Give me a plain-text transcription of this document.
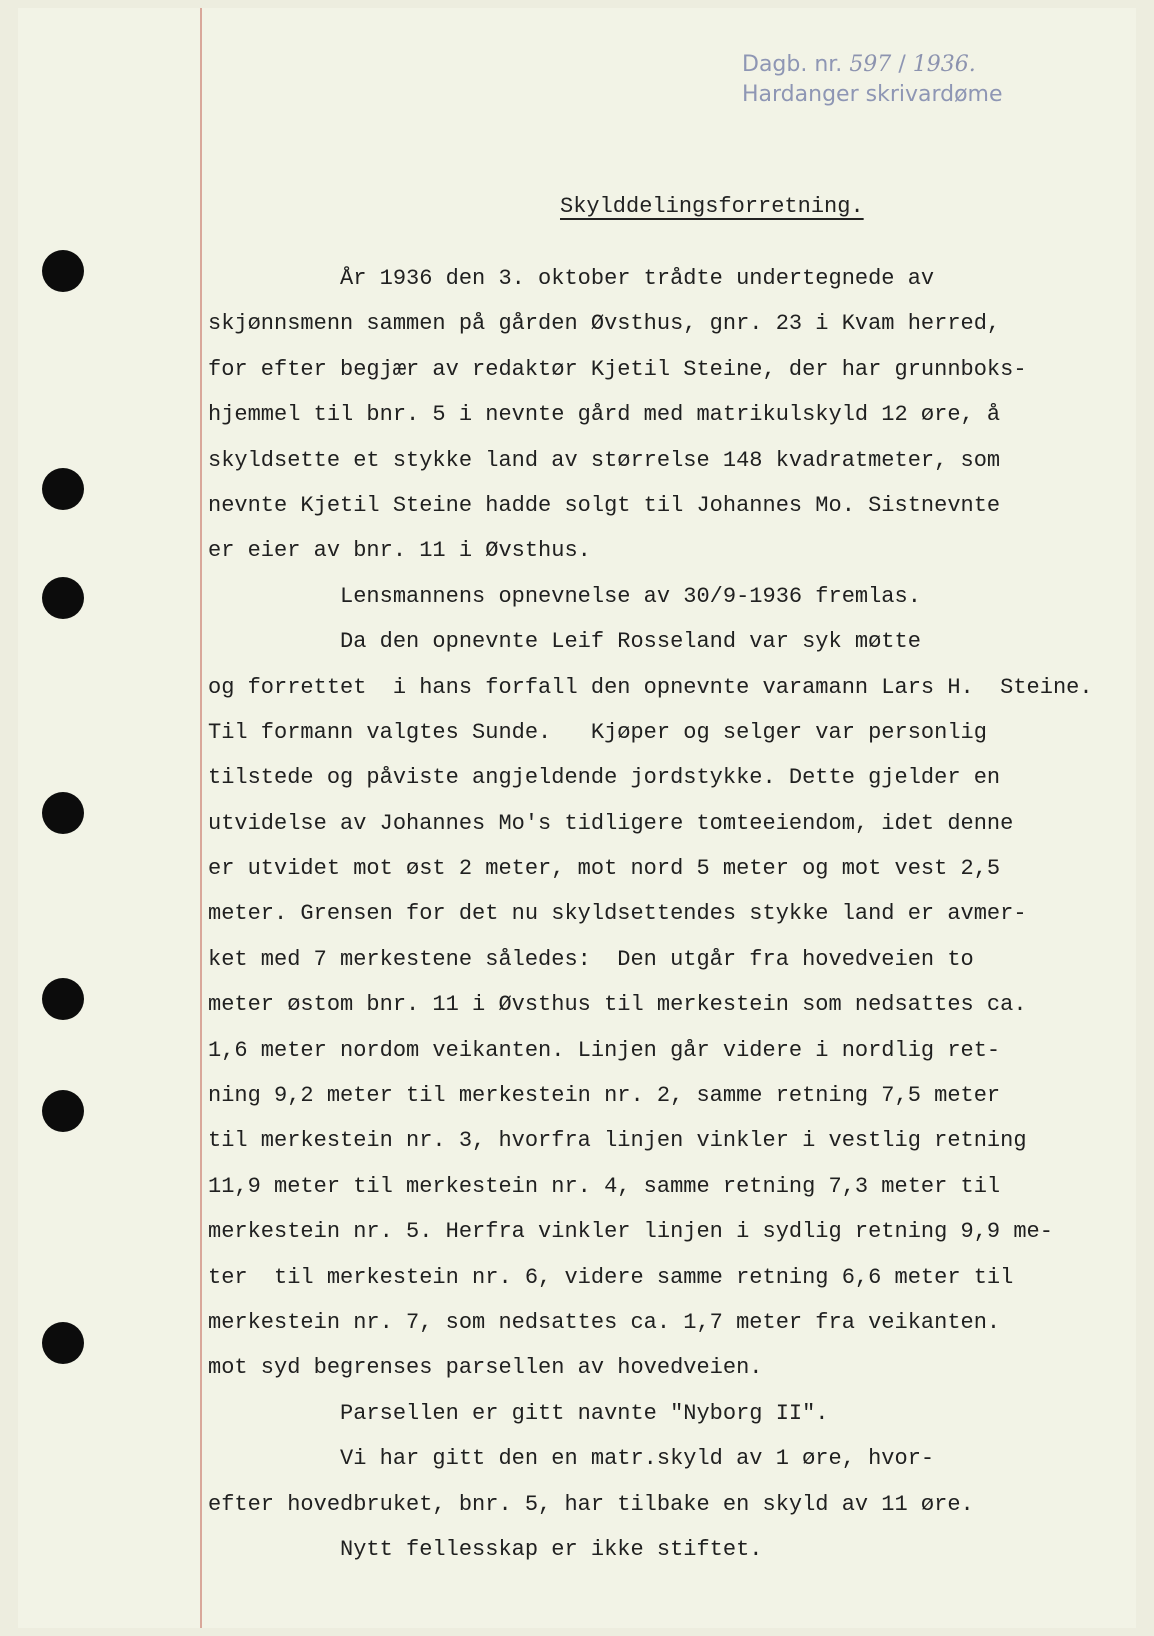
Dagb. nr. 597 / 1936.
Hardanger skrivardøme
Skylddelingsforretning.
År 1936 den 3. oktober trådte undertegnede av
skjønnsmenn sammen på gården Øvsthus, gnr. 23 i Kvam herred,
for efter begjær av redaktør Kjetil Steine, der har grunnboks-
hjemmel til bnr. 5 i nevnte gård med matrikulskyld 12 øre, å
skyldsette et stykke land av størrelse 148 kvadratmeter, som
nevnte Kjetil Steine hadde solgt til Johannes Mo. Sistnevnte
er eier av bnr. 11 i Øvsthus.
Lensmannens opnevnelse av 30/9-1936 fremlas.
Da den opnevnte Leif Rosseland var syk møtte
og forrettet  i hans forfall den opnevnte varamann Lars H.  Steine.
Til formann valgtes Sunde.   Kjøper og selger var personlig
tilstede og påviste angjeldende jordstykke. Dette gjelder en
utvidelse av Johannes Mo's tidligere tomteeiendom, idet denne
er utvidet mot øst 2 meter, mot nord 5 meter og mot vest 2,5
meter. Grensen for det nu skyldsettendes stykke land er avmer-
ket med 7 merkestene således:  Den utgår fra hovedveien to
meter østom bnr. 11 i Øvsthus til merkestein som nedsattes ca.
1,6 meter nordom veikanten. Linjen går videre i nordlig ret-
ning 9,2 meter til merkestein nr. 2, samme retning 7,5 meter
til merkestein nr. 3, hvorfra linjen vinkler i vestlig retning
11,9 meter til merkestein nr. 4, samme retning 7,3 meter til
merkestein nr. 5. Herfra vinkler linjen i sydlig retning 9,9 me-
ter  til merkestein nr. 6, videre samme retning 6,6 meter til
merkestein nr. 7, som nedsattes ca. 1,7 meter fra veikanten.
mot syd begrenses parsellen av hovedveien.
Parsellen er gitt navnte "Nyborg II".
Vi har gitt den en matr.skyld av 1 øre, hvor-
efter hovedbruket, bnr. 5, har tilbake en skyld av 11 øre.
Nytt fellesskap er ikke stiftet.
